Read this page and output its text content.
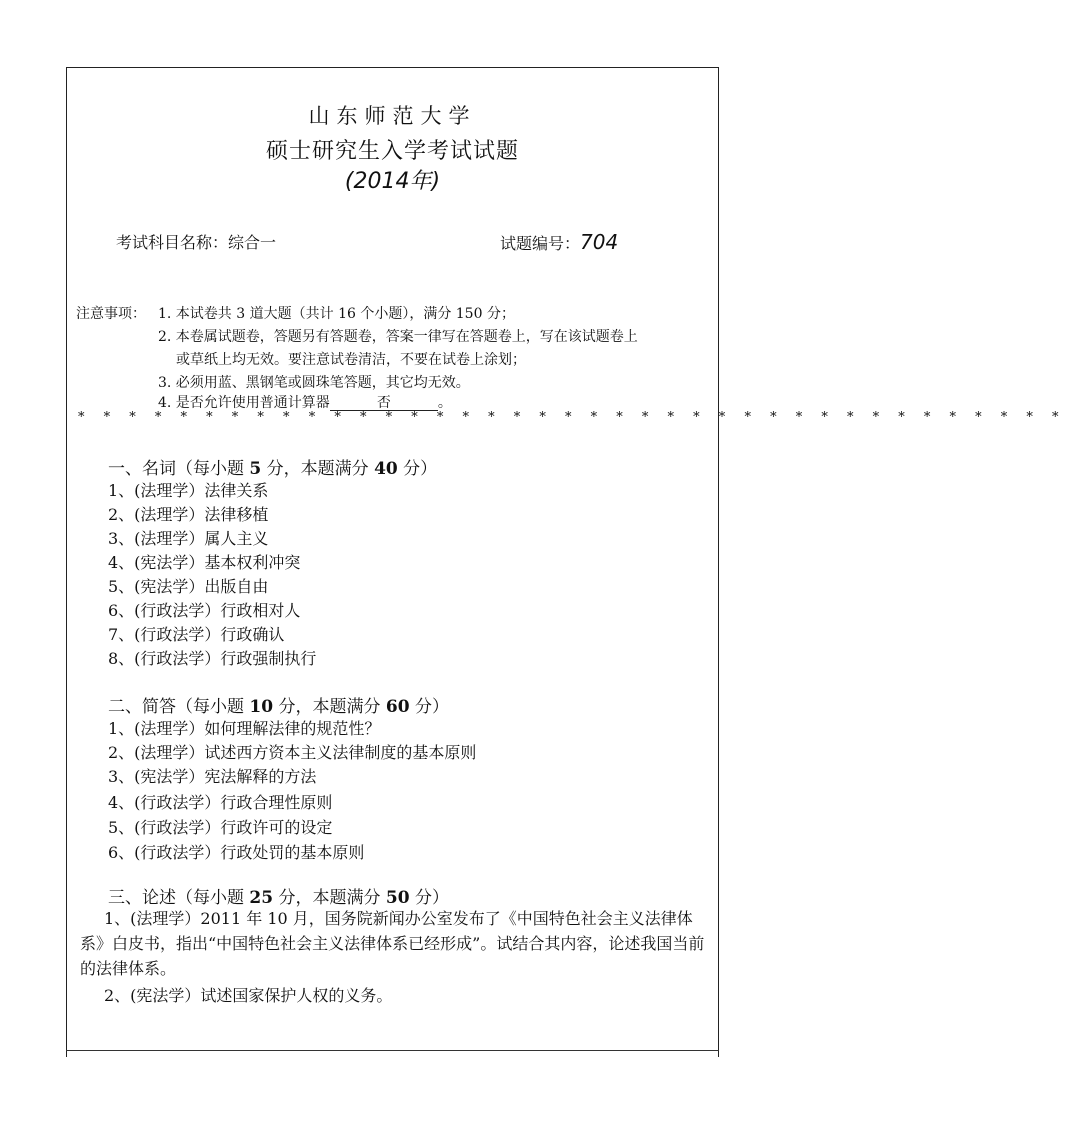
山东师范大学
硕士研究生入学考试试题
(2014年)
考试科目名称：综合一	试题编号：704
注意事项： 1. 本试卷共 3 道大题（共计 16 个小题），满分 150 分；
2. 本卷属试题卷，答题另有答题卷，答案一律写在答题卷上，写在该试题卷上
或草纸上均无效。要注意试卷清洁，不要在试卷上涂划；
3. 必须用蓝、黑钢笔或圆珠笔答题，其它均无效。
4. 是否允许使用普通计算器	否	。
* * * * * * * * * * * * * * * * * * * * * * * * * * * * * * * * * * * * * * *
一、名词（每小题 5 分，本题满分 40 分）
1、(法理学）法律关系
2、(法理学）法律移植
3、(法理学）属人主义
4、(宪法学）基本权利冲突
5、(宪法学）出版自由
6、(行政法学）行政相对人
7、(行政法学）行政确认
8、(行政法学）行政强制执行
二、简答（每小题 10 分，本题满分 60 分）
1、(法理学）如何理解法律的规范性？
2、(法理学）试述西方资本主义法律制度的基本原则
3、(宪法学）宪法解释的方法
4、(行政法学）行政合理性原则
5、(行政法学）行政许可的设定
6、(行政法学）行政处罚的基本原则
三、论述（每小题 25 分，本题满分 50 分）
1、(法理学）2011 年 10 月，国务院新闻办公室发布了《中国特色社会主义法律体系》白皮书，指出“中国特色社会主义法律体系已经形成”。试结合其内容，论述我国当前的法律体系。
2、(宪法学）试述国家保护人权的义务。
